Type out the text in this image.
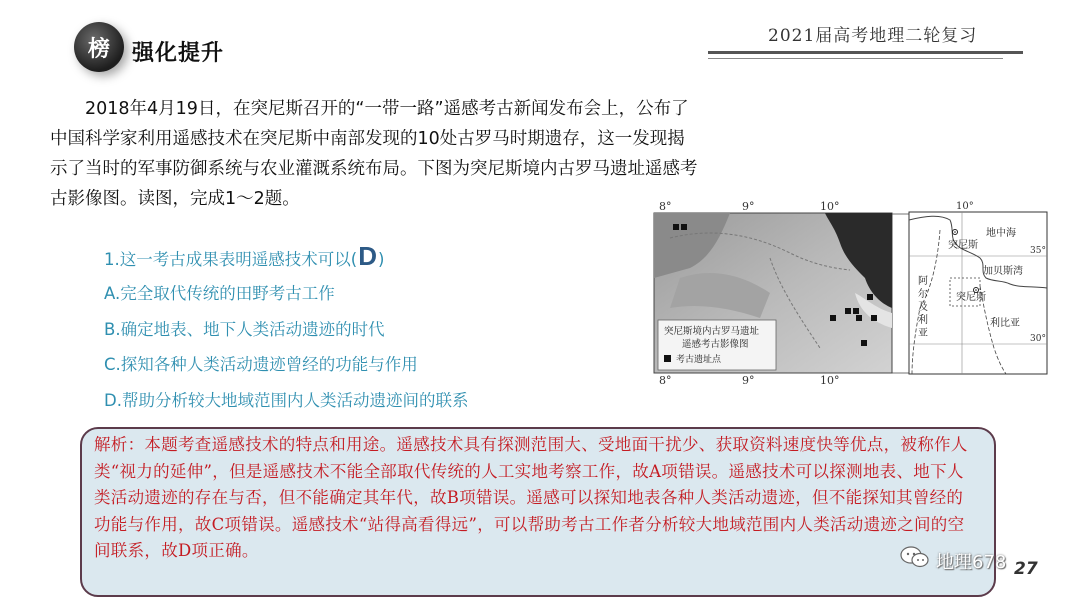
榜	强化提升
2021届高考地理二轮复习
2018年4月19日，在突尼斯召开的“一带一路”遥感考古新闻发布会上，公布了中国科学家利用遥感技术在突尼斯中南部发现的10处古罗马时期遗存，这一发现揭示了当时的军事防御系统与农业灌溉系统布局。下图为突尼斯境内古罗马遗址遥感考古影像图。读图，完成1～2题。
1.这一考古成果表明遥感技术可以(D)
A.完全取代传统的田野考古工作
B.确定地表、地下人类活动遗迹的时代
C.探知各种人类活动遗迹曾经的功能与作用
D.帮助分析较大地域范围内人类活动遗迹间的联系
8°	9°	10°
突尼斯境内古罗马遗址
遥感考古影像图
考古遗址点
8°	9°	10°
10°
35°
30°
地中海
加贝斯湾
突尼斯
突尼斯
阿
尔
及
利
亚
利比亚
解析：本题考查遥感技术的特点和用途。遥感技术具有探测范围大、受地面干扰少、获取资料速度快等优点，被称作人类“视力的延伸”，但是遥感技术不能全部取代传统的人工实地考察工作，故A项错误。遥感技术可以探测地表、地下人类活动遗迹的存在与否，但不能确定其年代，故B项错误。遥感可以探知地表各种人类活动遗迹，但不能探知其曾经的功能与作用，故C项错误。遥感技术“站得高看得远”，可以帮助考古工作者分析较大地域范围内人类活动遗迹之间的空间联系，故D项正确。
地理678 27
